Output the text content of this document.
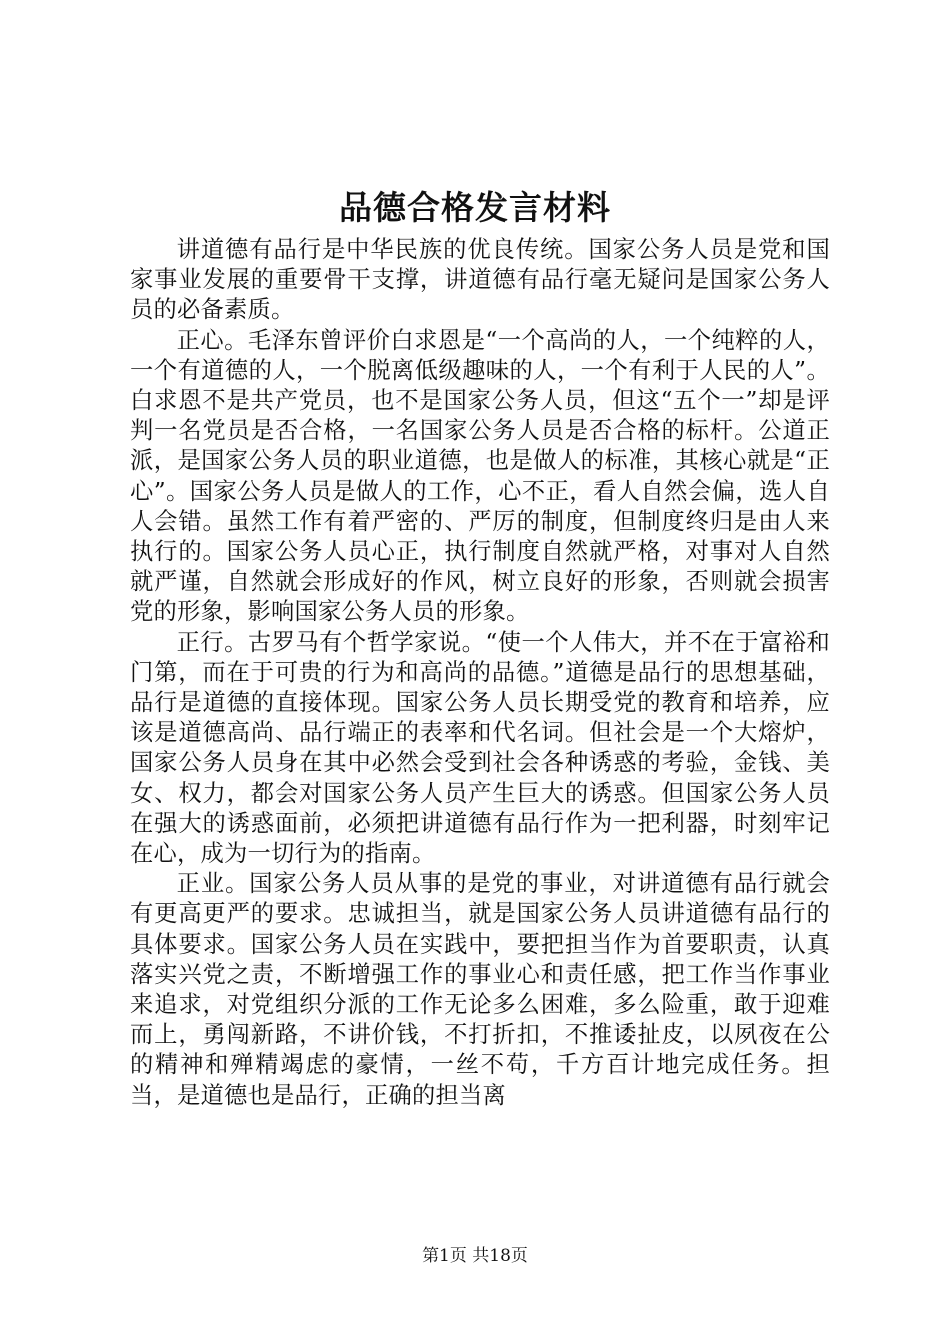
品德合格发言材料

讲道德有品行是中华民族的优良传统。国家公务人员是党和国家事业发展的重要骨干支撑，讲道德有品行毫无疑问是国家公务人员的必备素质。

正心。毛泽东曾评价白求恩是“一个高尚的人，一个纯粹的人，一个有道德的人，一个脱离低级趣味的人，一个有利于人民的人”。白求恩不是共产党员，也不是国家公务人员，但这“五个一”却是评判一名党员是否合格，一名国家公务人员是否合格的标杆。公道正派，是国家公务人员的职业道德，也是做人的标准，其核心就是“正心”。国家公务人员是做人的工作，心不正，看人自然会偏，选人自人会错。虽然工作有着严密的、严厉的制度，但制度终归是由人来执行的。国家公务人员心正，执行制度自然就严格，对事对人自然就严谨，自然就会形成好的作风，树立良好的形象，否则就会损害党的形象，影响国家公务人员的形象。

正行。古罗马有个哲学家说。“使一个人伟大，并不在于富裕和门第，而在于可贵的行为和高尚的品德。”道德是品行的思想基础，品行是道德的直接体现。国家公务人员长期受党的教育和培养，应该是道德高尚、品行端正的表率和代名词。但社会是一个大熔炉，国家公务人员身在其中必然会受到社会各种诱惑的考验，金钱、美女、权力，都会对国家公务人员产生巨大的诱惑。但国家公务人员在强大的诱惑面前，必须把讲道德有品行作为一把利器，时刻牢记在心，成为一切行为的指南。

正业。国家公务人员从事的是党的事业，对讲道德有品行就会有更高更严的要求。忠诚担当，就是国家公务人员讲道德有品行的具体要求。国家公务人员在实践中，要把担当作为首要职责，认真落实兴党之责，不断增强工作的事业心和责任感，把工作当作事业来追求，对党组织分派的工作无论多么困难，多么险重，敢于迎难而上，勇闯新路，不讲价钱，不打折扣，不推诿扯皮，以夙夜在公的精神和殚精竭虑的豪情，一丝不苟，千方百计地完成任务。担当，是道德也是品行，正确的担当离

第1页 共18页
